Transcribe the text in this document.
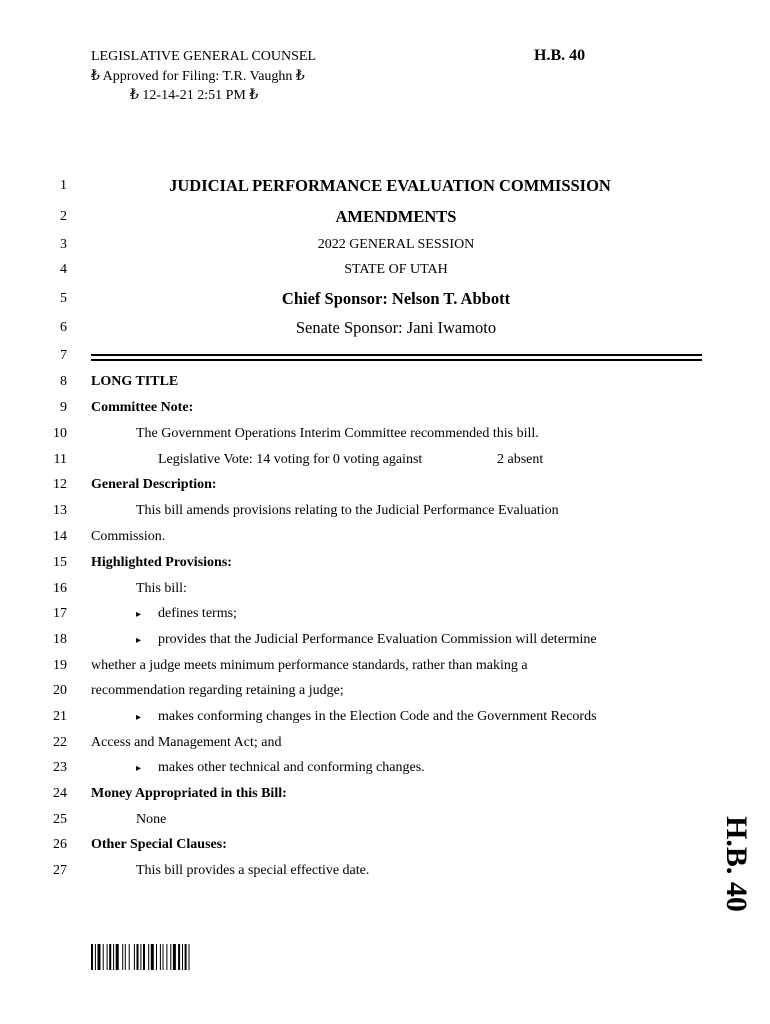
LEGISLATIVE GENERAL COUNSEL
₺ Approved for Filing: T.R. Vaughn ₺
₺ 12-14-21 2:51 PM ₺
H.B. 40
1
2
3
4
5
6
7
8
9
10
11
12
13
14
15
16
17
18
19
20
21
22
23
24
25
26
27
JUDICIAL PERFORMANCE EVALUATION COMMISSION
AMENDMENTS
2022 GENERAL SESSION
STATE OF UTAH
Chief Sponsor: Nelson T. Abbott
Senate Sponsor: Jani Iwamoto
LONG TITLE
Committee Note:
The Government Operations Interim Committee recommended this bill.
Legislative Vote: 14 voting for 0 voting against	2 absent
General Description:
This bill amends provisions relating to the Judicial Performance Evaluation
Commission.
Highlighted Provisions:
This bill:
▸ defines terms;
▸ provides that the Judicial Performance Evaluation Commission will determine
whether a judge meets minimum performance standards, rather than making a
recommendation regarding retaining a judge;
▸ makes conforming changes in the Election Code and the Government Records
Access and Management Act; and
▸ makes other technical and conforming changes.
Money Appropriated in this Bill:
None
Other Special Clauses:
This bill provides a special effective date.	H.B. 40
